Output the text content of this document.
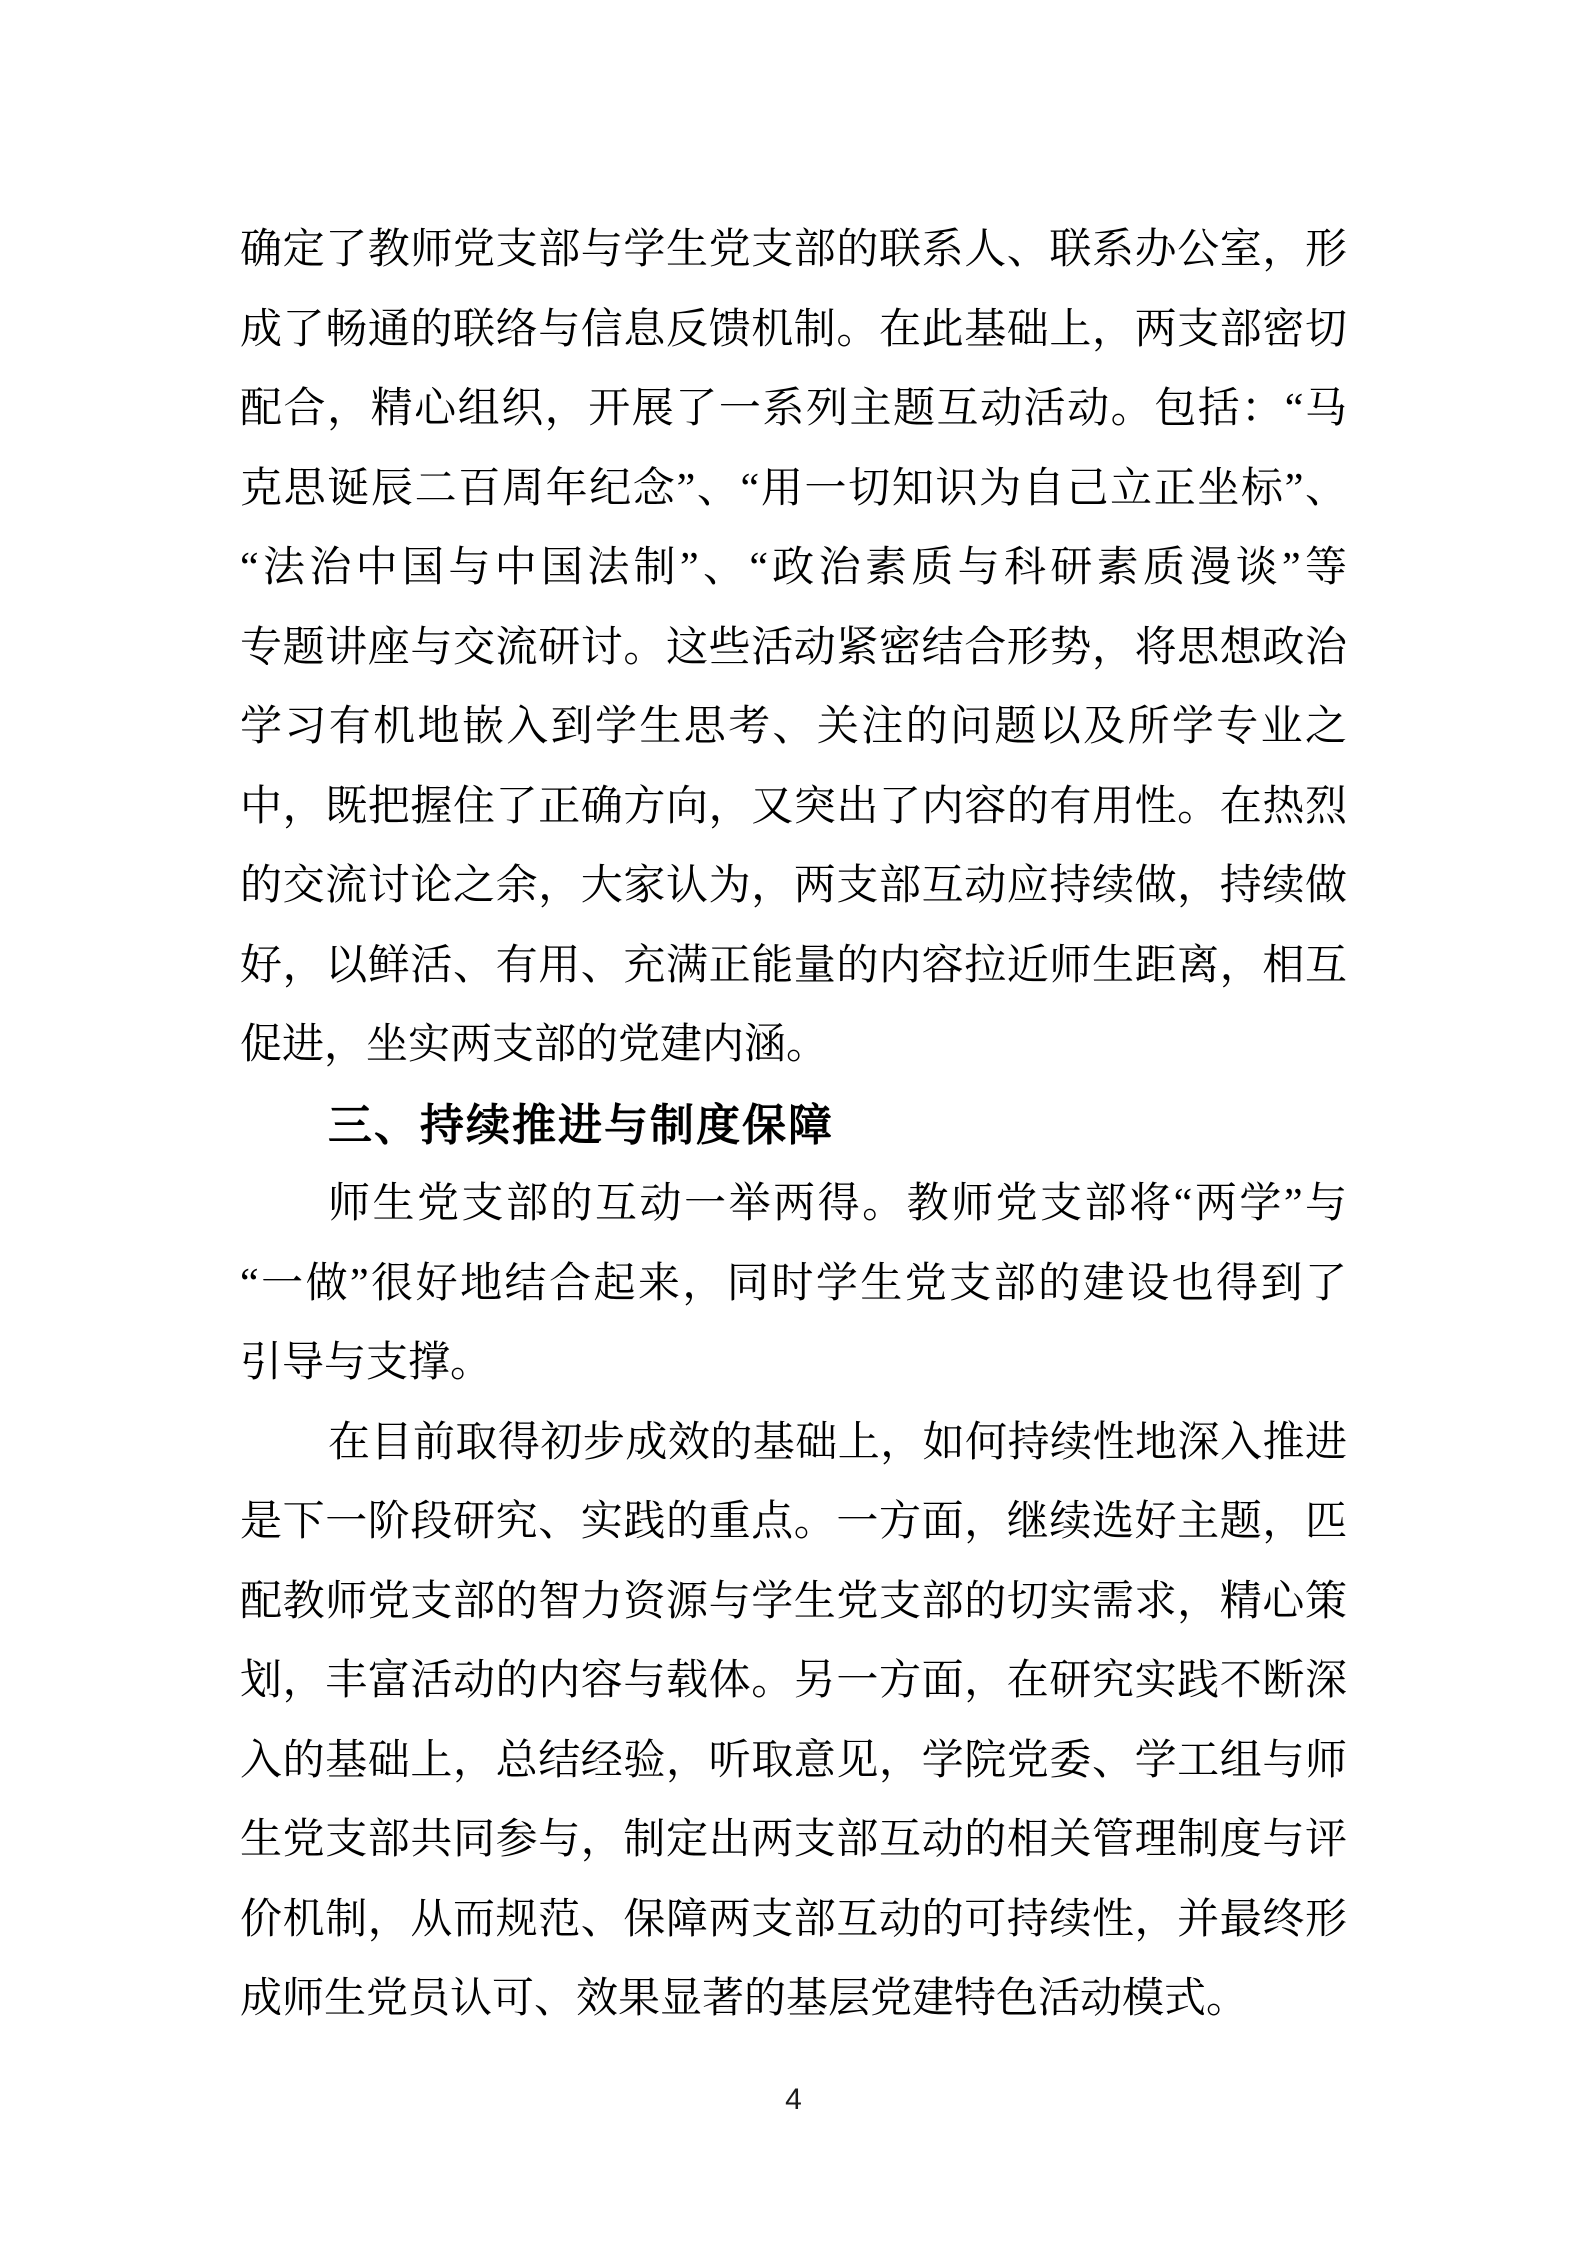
确定了教师党支部与学生党支部的联系人、联系办公室，形
成了畅通的联络与信息反馈机制。在此基础上，两支部密切
配合，精心组织，开展了一系列主题互动活动。包括：“马
克思诞辰二百周年纪念”、“用一切知识为自己立正坐标”、
“法治中国与中国法制”、“政治素质与科研素质漫谈”等
专题讲座与交流研讨。这些活动紧密结合形势，将思想政治
学习有机地嵌入到学生思考、关注的问题以及所学专业之
中，既把握住了正确方向，又突出了内容的有用性。在热烈
的交流讨论之余，大家认为，两支部互动应持续做，持续做
好，以鲜活、有用、充满正能量的内容拉近师生距离，相互
促进，坐实两支部的党建内涵。
三、持续推进与制度保障
师生党支部的互动一举两得。教师党支部将“两学”与
“一做”很好地结合起来，同时学生党支部的建设也得到了
引导与支撑。
在目前取得初步成效的基础上，如何持续性地深入推进
是下一阶段研究、实践的重点。一方面，继续选好主题，匹
配教师党支部的智力资源与学生党支部的切实需求，精心策
划，丰富活动的内容与载体。另一方面，在研究实践不断深
入的基础上，总结经验，听取意见，学院党委、学工组与师
生党支部共同参与，制定出两支部互动的相关管理制度与评
价机制，从而规范、保障两支部互动的可持续性，并最终形
成师生党员认可、效果显著的基层党建特色活动模式。
4
